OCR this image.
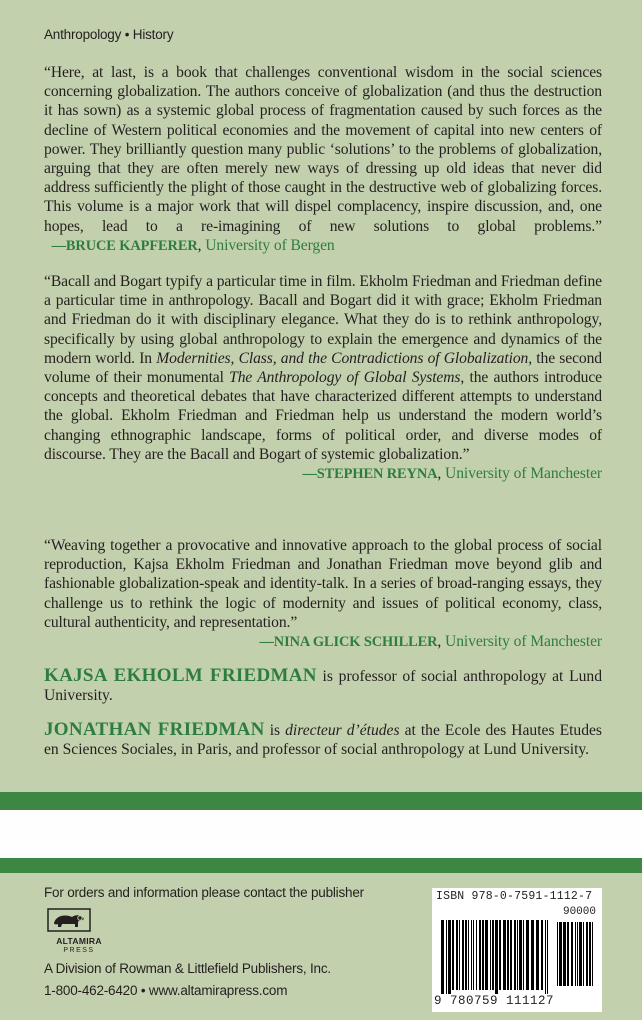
Anthropology • History
“Here, at last, is a book that challenges conventional wisdom in the social sciences concerning globalization. The authors conceive of globalization (and thus the destruction it has sown) as a systemic global process of fragmentation caused by such forces as the decline of Western political economies and the movement of capital into new centers of power. They brilliantly question many public ‘solutions’ to the problems of globalization, arguing that they are often merely new ways of dressing up old ideas that never did address sufficiently the plight of those caught in the destructive web of globalizing forces. This volume is a major work that will dispel complacency, inspire discussion, and, one hopes, lead to a re-imagining of new solutions to global problems.”   —BRUCE KAPFERER, University of Bergen
“Bacall and Bogart typify a particular time in film. Ekholm Friedman and Friedman define a particular time in anthropology. Bacall and Bogart did it with grace; Ekholm Friedman and Friedman do it with disciplinary elegance. What they do is to rethink anthropology, specifically by using global anthropology to explain the emergence and dynamics of the modern world. In Modernities, Class, and the Contradictions of Globalization, the second volume of their monumental The Anthropology of Global Systems, the authors introduce concepts and theoretical debates that have characterized different attempts to understand the global. Ekholm Friedman and Friedman help us understand the modern world’s changing ethnographic landscape, forms of political order, and diverse modes of discourse. They are the Bacall and Bogart of systemic globalization.”
—STEPHEN REYNA, University of Manchester
“Weaving together a provocative and innovative approach to the global process of social reproduction, Kajsa Ekholm Friedman and Jonathan Friedman move beyond glib and fashionable globalization-speak and identity-talk. In a series of broad-ranging essays, they challenge us to rethink the logic of modernity and issues of political economy, class, cultural authenticity, and representation.”
—NINA GLICK SCHILLER, University of Manchester
KAJSA EKHOLM FRIEDMAN is professor of social anthropology at Lund University.
JONATHAN FRIEDMAN is directeur d’études at the Ecole des Hautes Etudes en Sciences Sociales, in Paris, and professor of social anthropology at Lund University.
For orders and information please contact the publisher
ALTAMIRA
PRESS
A Division of Rowman & Littlefield Publishers, Inc.
1-800-462-6420 • www.altamirapress.com
ISBN 978-0-7591-1112-7
90000
9 780759 111127
